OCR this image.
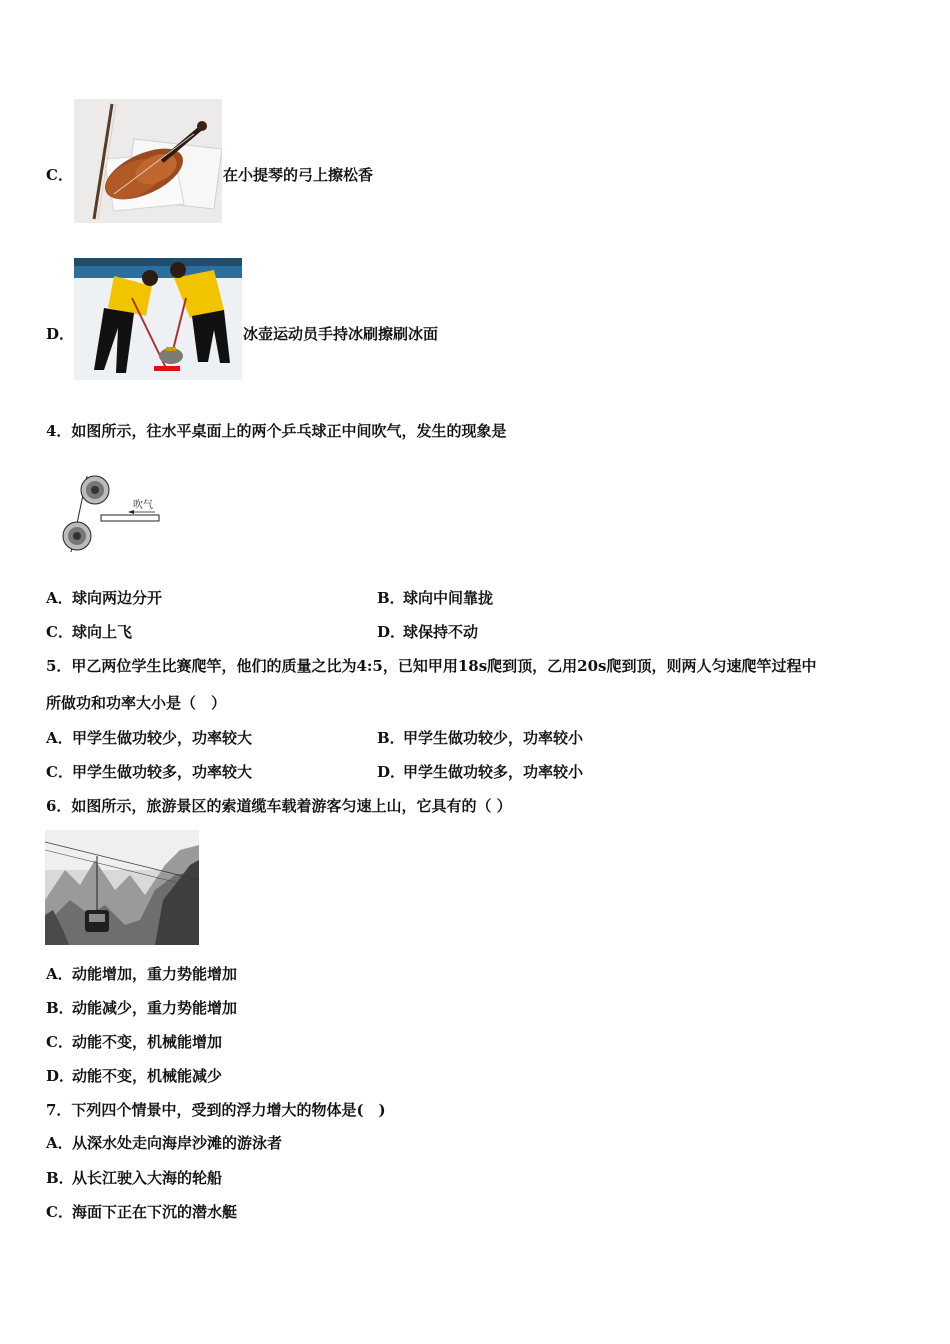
C．	在小提琴的弓上擦松香
D．	冰壶运动员手持冰刷擦刷冰面
4．如图所示，往水平桌面上的两个乒乓球正中间吹气，发生的现象是
吹气
A．球向两边分开	B．球向中间靠拢
C．球向上飞	D．球保持不动
5．甲乙两位学生比赛爬竿，他们的质量之比为4:5，已知甲用18s爬到顶，乙用20s爬到顶，则两人匀速爬竿过程中
所做功和功率大小是（　）
A．甲学生做功较少，功率较大	B．甲学生做功较少，功率较小
C．甲学生做功较多，功率较大	D．甲学生做功较多，功率较小
6．如图所示，旅游景区的索道缆车载着游客匀速上山，它具有的（ ）
A．动能增加，重力势能增加
B．动能减少，重力势能增加
C．动能不变，机械能增加
D．动能不变，机械能减少
7．下列四个情景中，受到的浮力增大的物体是(　)
A．从深水处走向海岸沙滩的游泳者
B．从长江驶入大海的轮船
C．海面下正在下沉的潜水艇
